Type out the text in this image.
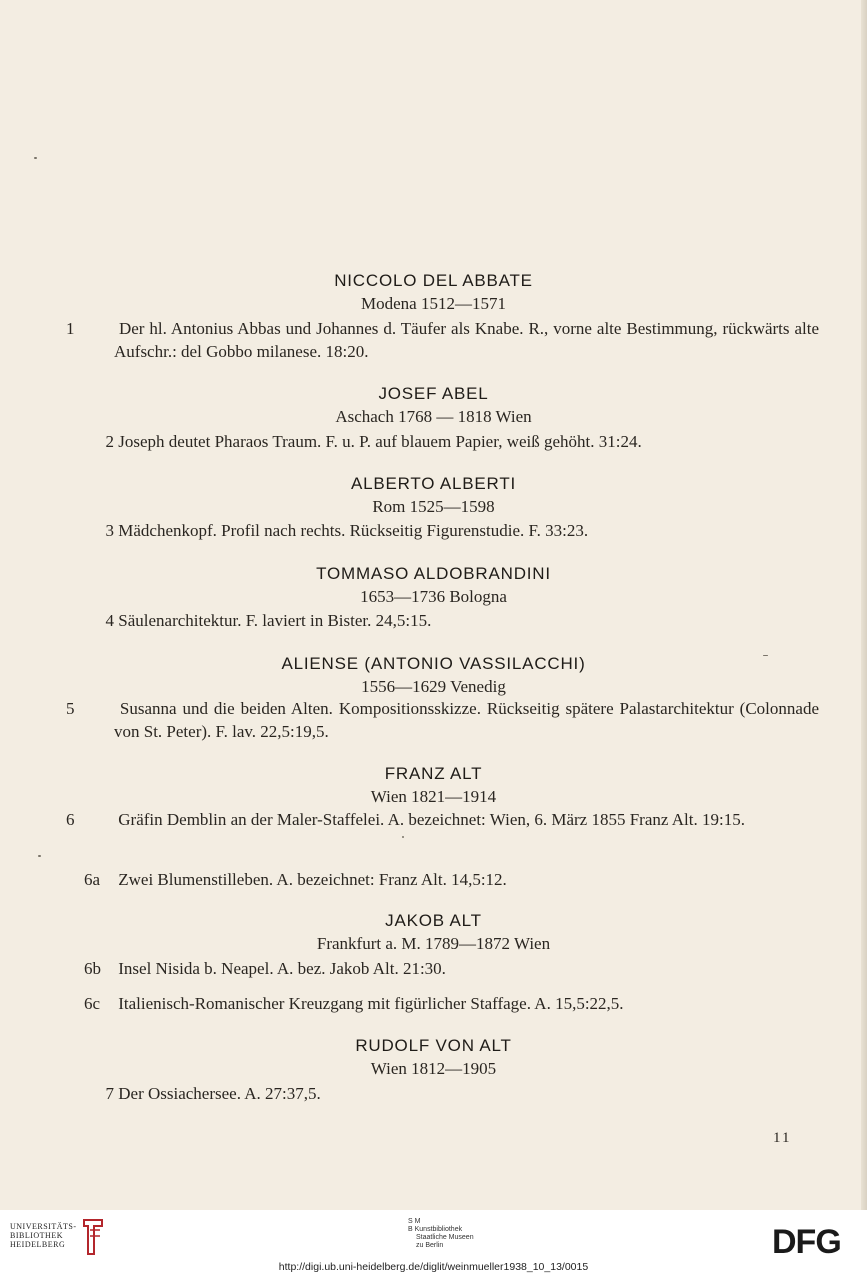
NICCOLO DEL ABBATE
Modena 1512—1571
1	Der hl. Antonius Abbas und Johannes d. Täufer als Knabe. R., vorne alte Bestimmung, rückwärts alte Aufschr.: del Gobbo milanese. 18:20.
JOSEF ABEL
Aschach 1768 — 1818 Wien
2 Joseph deutet Pharaos Traum. F. u. P. auf blauem Papier, weiß gehöht. 31:24.
ALBERTO ALBERTI
Rom 1525—1598
3 Mädchenkopf. Profil nach rechts. Rückseitig Figurenstudie. F. 33:23.
TOMMASO ALDOBRANDINI
1653—1736 Bologna
4 Säulenarchitektur. F. laviert in Bister. 24,5:15.
ALIENSE (ANTONIO VASSILACCHI)
1556—1629 Venedig
5	Susanna und die beiden Alten. Kompositionsskizze. Rückseitig spätere Palastarchitektur (Colonnade von St. Peter). F. lav. 22,5:19,5.
FRANZ ALT
Wien 1821—1914
6	Gräfin Demblin an der Maler-Staffelei. A. bezeichnet: Wien, 6. März 1855 Franz Alt. 19:15.
6a Zwei Blumenstilleben. A. bezeichnet: Franz Alt. 14,5:12.
JAKOB ALT
Frankfurt a. M. 1789—1872 Wien
6b Insel Nisida b. Neapel. A. bez. Jakob Alt. 21:30.
6c Italienisch-Romanischer Kreuzgang mit figürlicher Staffage. A. 15,5:22,5.
RUDOLF VON ALT
Wien 1812—1905
7 Der Ossiachersee. A. 27:37,5.
11
UNIVERSITÄTS-
BIBLIOTHEK
HEIDELBERG
S M
B Kunstbibliothek
Staatliche Museen
zu Berlin	DFG
http://digi.ub.uni-heidelberg.de/diglit/weinmueller1938_10_13/0015
